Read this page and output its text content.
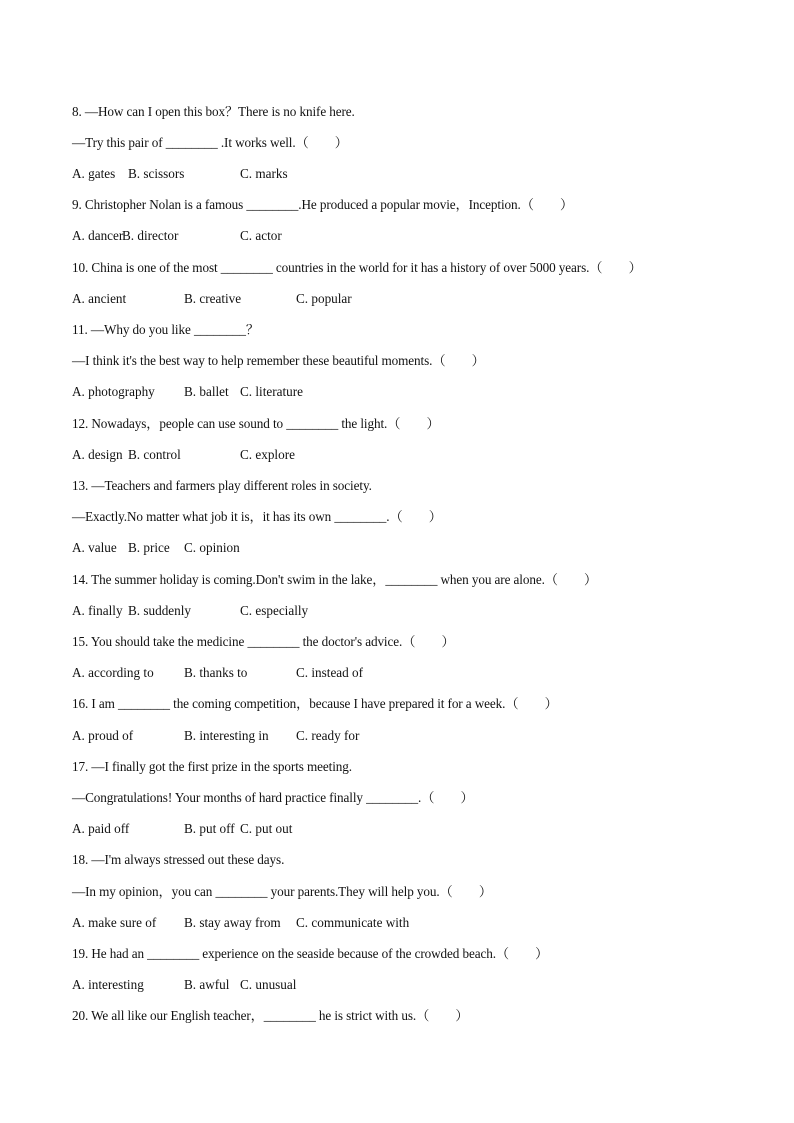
8. —How can I open this box？There is no knife here.
—Try this pair of ________ .It works well.（　　）
A. gates B. scissors	C. marks
9. Christopher Nolan is a famous ________.He produced a popular movie，Inception.（　　）
A. dancer
B. director	C. actor
10. China is one of the most ________ countries in the world for it has a history of over 5000 years.（　　）
A. ancient	B. creative	C. popular
11. —Why do you like ________？
—I think it's the best way to help remember these beautiful moments.（　　）
A. photography B. ballet C. literature
12. Nowadays，people can use sound to ________ the light.（　　）
A. design B. control	C. explore
13. —Teachers and farmers play different roles in society.
—Exactly.No matter what job it is，it has its own ________.（　　）
A. value B. price C. opinion
14. The summer holiday is coming.Don't swim in the lake，________ when you are alone.（　　）
A. finally B. suddenly	C. especially
15. You should take the medicine ________ the doctor's advice.（　　）
A. according to B. thanks to	C. instead of
16. I am ________ the coming competition，because I have prepared it for a week.（　　）
A. proud of	B. interesting in C. ready for
17. —I finally got the first prize in the sports meeting.
—Congratulations! Your months of hard practice finally ________.（　　）
A. paid off	B. put off C. put out
18. —I'm always stressed out these days.
—In my opinion，you can ________ your parents.They will help you.（　　）
A. make sure of B. stay away from C. communicate with
19. He had an ________ experience on the seaside because of the crowded beach.（　　）
A. interesting	B. awful C. unusual
20. We all like our English teacher，________ he is strict with us.（　　）
